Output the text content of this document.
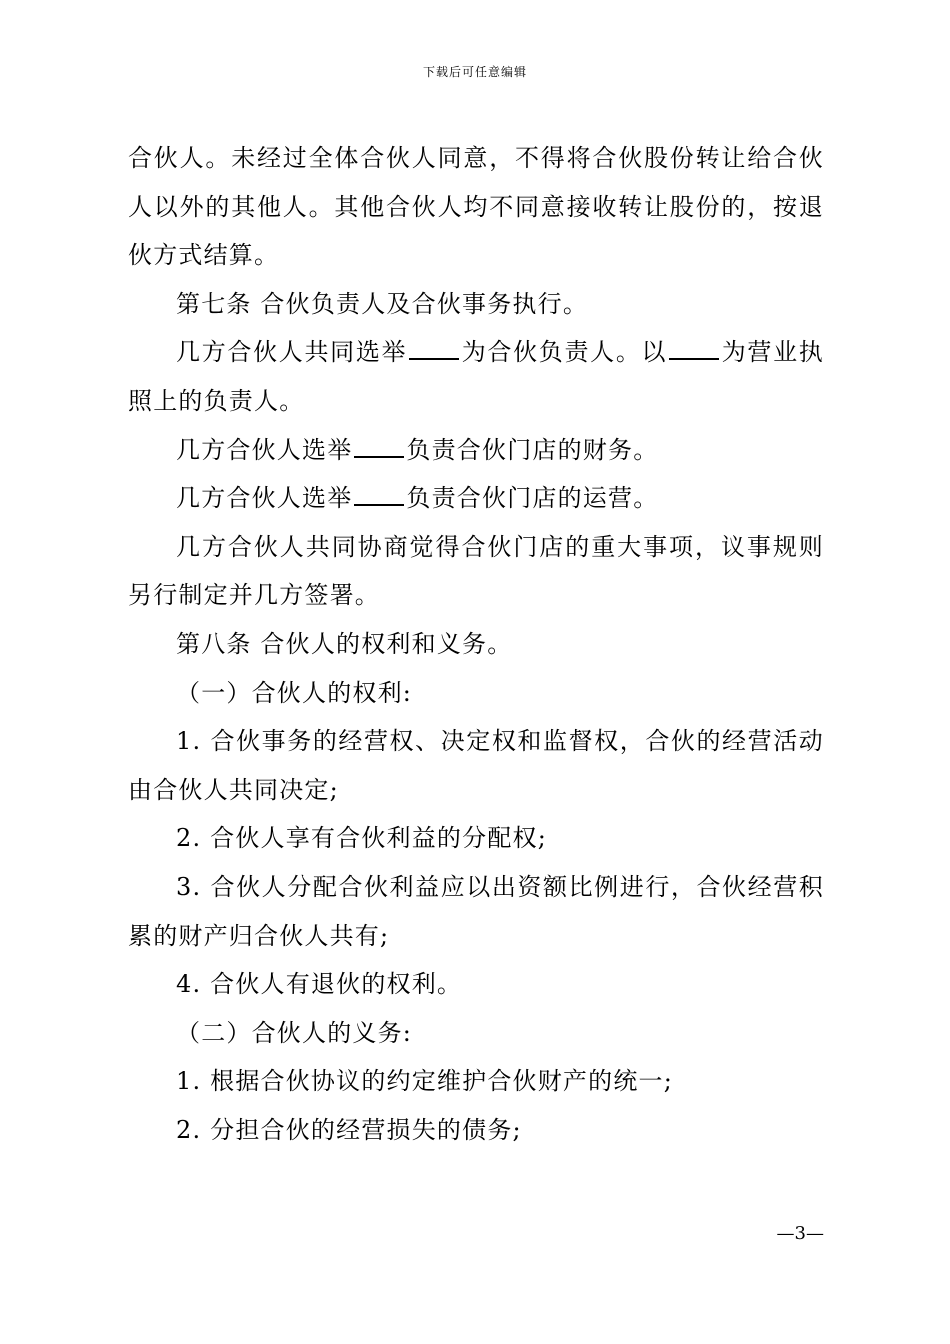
下载后可任意编辑

合伙人。未经过全体合伙人同意，不得将合伙股份转让给合伙人以外的其他人。其他合伙人均不同意接收转让股份的，按退伙方式结算。

第七条 合伙负责人及合伙事务执行。

几方合伙人共同选举 为合伙负责人。以 为营业执照上的负责人。

几方合伙人选举 负责合伙门店的财务。

几方合伙人选举 负责合伙门店的运营。

几方合伙人共同协商觉得合伙门店的重大事项，议事规则另行制定并几方签署。

第八条 合伙人的权利和义务。

（一）合伙人的权利:

1. 合伙事务的经营权、决定权和监督权，合伙的经营活动由合伙人共同决定;

2. 合伙人享有合伙利益的分配权;

3. 合伙人分配合伙利益应以出资额比例进行，合伙经营积累的财产归合伙人共有;

4. 合伙人有退伙的权利。

（二）合伙人的义务:

1. 根据合伙协议的约定维护合伙财产的统一;

2. 分担合伙的经营损失的债务;

—3—
